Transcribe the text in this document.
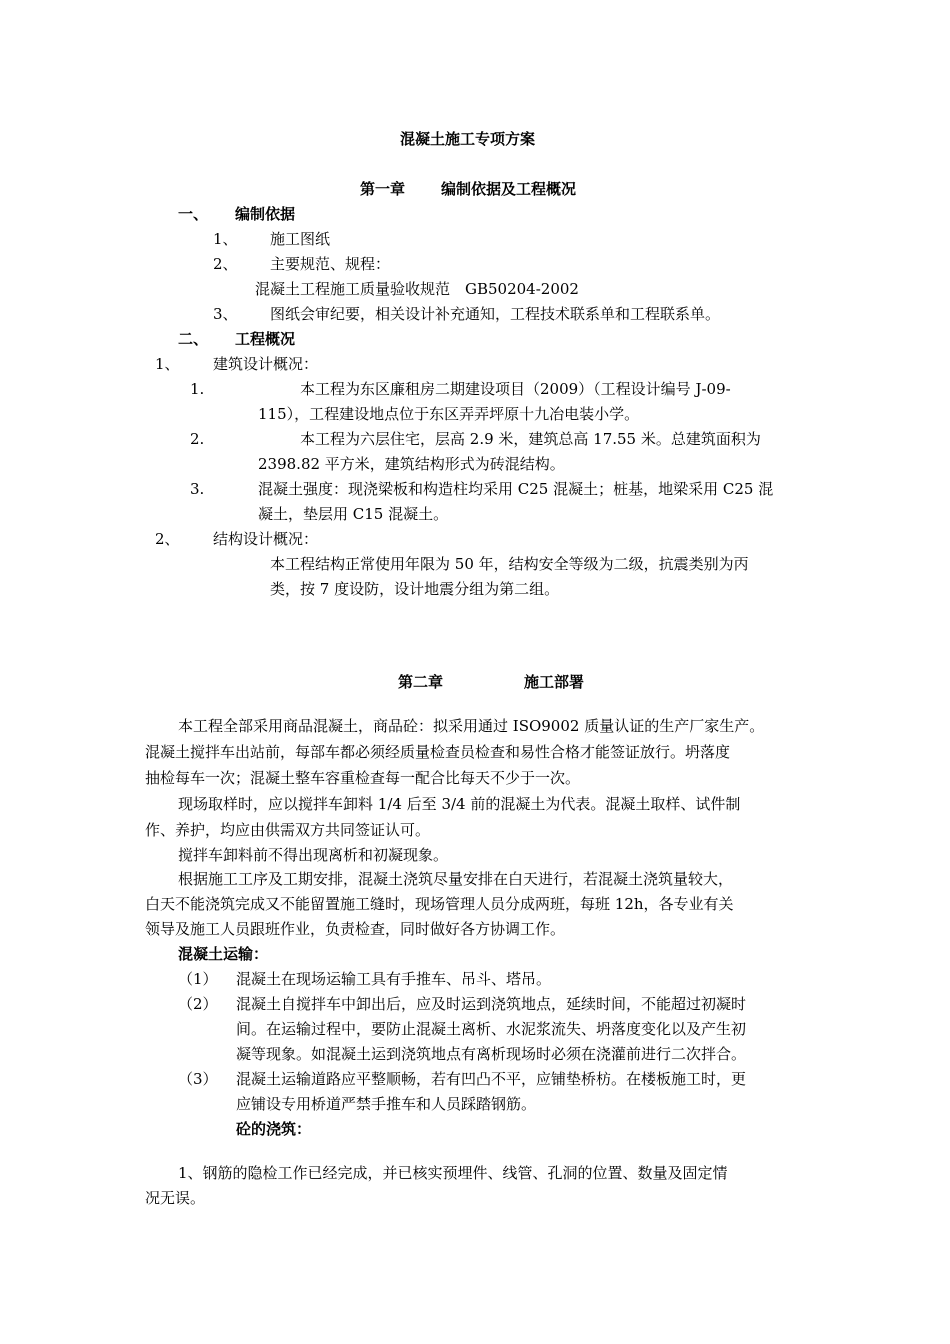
混凝土施工专项方案
第一章 编制依据及工程概况
一、 编制依据
1、 施工图纸
2、 主要规范、规程：
混凝土工程施工质量验收规范　GB50204-2002
3、 图纸会审纪要，相关设计补充通知，工程技术联系单和工程联系单。
二、 工程概况
1、 建筑设计概况：
1.	本工程为东区廉租房二期建设项目（2009）（工程设计编号 J-09-
115），工程建设地点位于东区弄弄坪原十九冶电装小学。
2.	本工程为六层住宅，层高 2.9 米，建筑总高 17.55 米。总建筑面积为
2398.82 平方米，建筑结构形式为砖混结构。
3.	混凝土强度：现浇梁板和构造柱均采用 C25 混凝土；桩基，地梁采用 C25 混
凝土，垫层用 C15 混凝土。
2、 结构设计概况：
本工程结构正常使用年限为 50 年，结构安全等级为二级，抗震类别为丙
类，按 7 度设防，设计地震分组为第二组。
第二章	施工部署
本工程全部采用商品混凝土，商品砼：拟采用通过 ISO9002 质量认证的生产厂家生产。
混凝土搅拌车出站前，每部车都必须经质量检查员检查和易性合格才能签证放行。坍落度
抽检每车一次；混凝土整车容重检查每一配合比每天不少于一次。
现场取样时，应以搅拌车卸料 1/4 后至 3/4 前的混凝土为代表。混凝土取样、试件制
作、养护，均应由供需双方共同签证认可。
搅拌车卸料前不得出现离析和初凝现象。
根据施工工序及工期安排，混凝土浇筑尽量安排在白天进行，若混凝土浇筑量较大，
白天不能浇筑完成又不能留置施工缝时，现场管理人员分成两班，每班 12h，各专业有关
领导及施工人员跟班作业，负责检查，同时做好各方协调工作。
混凝土运输：
（1） 混凝土在现场运输工具有手推车、吊斗、塔吊。
（2） 混凝土自搅拌车中卸出后，应及时运到浇筑地点，延续时间，不能超过初凝时
间。在运输过程中，要防止混凝土离析、水泥浆流失、坍落度变化以及产生初
凝等现象。如混凝土运到浇筑地点有离析现场时必须在浇灌前进行二次拌合。
（3） 混凝土运输道路应平整顺畅，若有凹凸不平，应铺垫桥枋。在楼板施工时，更
应铺设专用桥道严禁手推车和人员踩踏钢筋。
砼的浇筑：
1、钢筋的隐检工作已经完成，并已核实预埋件、线管、孔洞的位置、数量及固定情
况无误。
